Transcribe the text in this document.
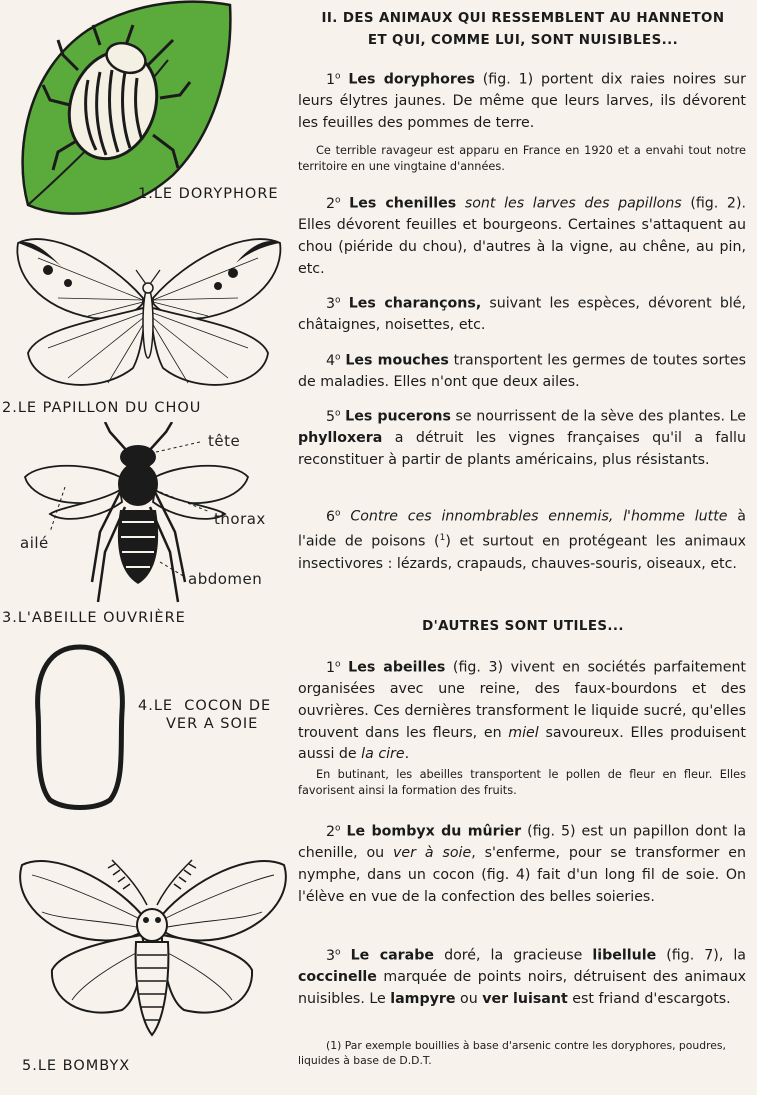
1.LE DORYPHORE
2.LE PAPILLON DU CHOU
tête
thorax
abdomen
ailé
3.L'ABEILLE OUVRIÈRE
4.LE  COCON DE
VER A SOIE
5.LE BOMBYX
II. DES ANIMAUX QUI RESSEMBLENT AU HANNETON
ET QUI, COMME LUI, SONT NUISIBLES...
1$^o$ Les doryphores (fig. 1) portent dix raies noires sur leurs élytres jaunes. De même que leurs larves, ils dévorent les feuilles des pommes de terre.
Ce terrible ravageur est apparu en France en 1920 et a envahi tout notre territoire en une vingtaine d'années.
2$^o$ Les chenilles sont les larves des papillons (fig. 2). Elles dévorent feuilles et bourgeons. Certaines s'attaquent au chou (piéride du chou), d'autres à la vigne, au chêne, au pin, etc.
3$^o$ Les charançons, suivant les espèces, dévorent blé, châtaignes, noisettes, etc.
4$^o$ Les mouches transportent les germes de toutes sortes de maladies. Elles n'ont que deux ailes.
5$^o$ Les pucerons se nourrissent de la sève des plantes. Le phylloxera a détruit les vignes françaises qu'il a fallu reconstituer à partir de plants américains, plus résistants.
6$^o$ Contre ces innombrables ennemis, l'homme lutte à l'aide de poisons ($^1$) et surtout en protégeant les animaux insectivores : lézards, crapauds, chauves-souris, oiseaux, etc.
D'AUTRES SONT UTILES...
1$^o$ Les abeilles (fig. 3) vivent en sociétés parfaitement organisées avec une reine, des faux-bourdons et des ouvrières. Ces dernières transforment le liquide sucré, qu'elles trouvent dans les fleurs, en miel savoureux. Elles produisent aussi de la cire.
En butinant, les abeilles transportent le pollen de fleur en fleur. Elles favorisent ainsi la formation des fruits.
2$^o$ Le bombyx du mûrier (fig. 5) est un papillon dont la chenille, ou ver à soie, s'enferme, pour se transformer en nymphe, dans un cocon (fig. 4) fait d'un long fil de soie. On l'élève en vue de la confection des belles soieries.
3$^o$ Le carabe doré, la gracieuse libellule (fig. 7), la coccinelle marquée de points noirs, détruisent des animaux nuisibles. Le lampyre ou ver luisant est friand d'escargots.
(1) Par exemple bouillies à base d'arsenic contre les doryphores, poudres, liquides à base de D.D.T.
